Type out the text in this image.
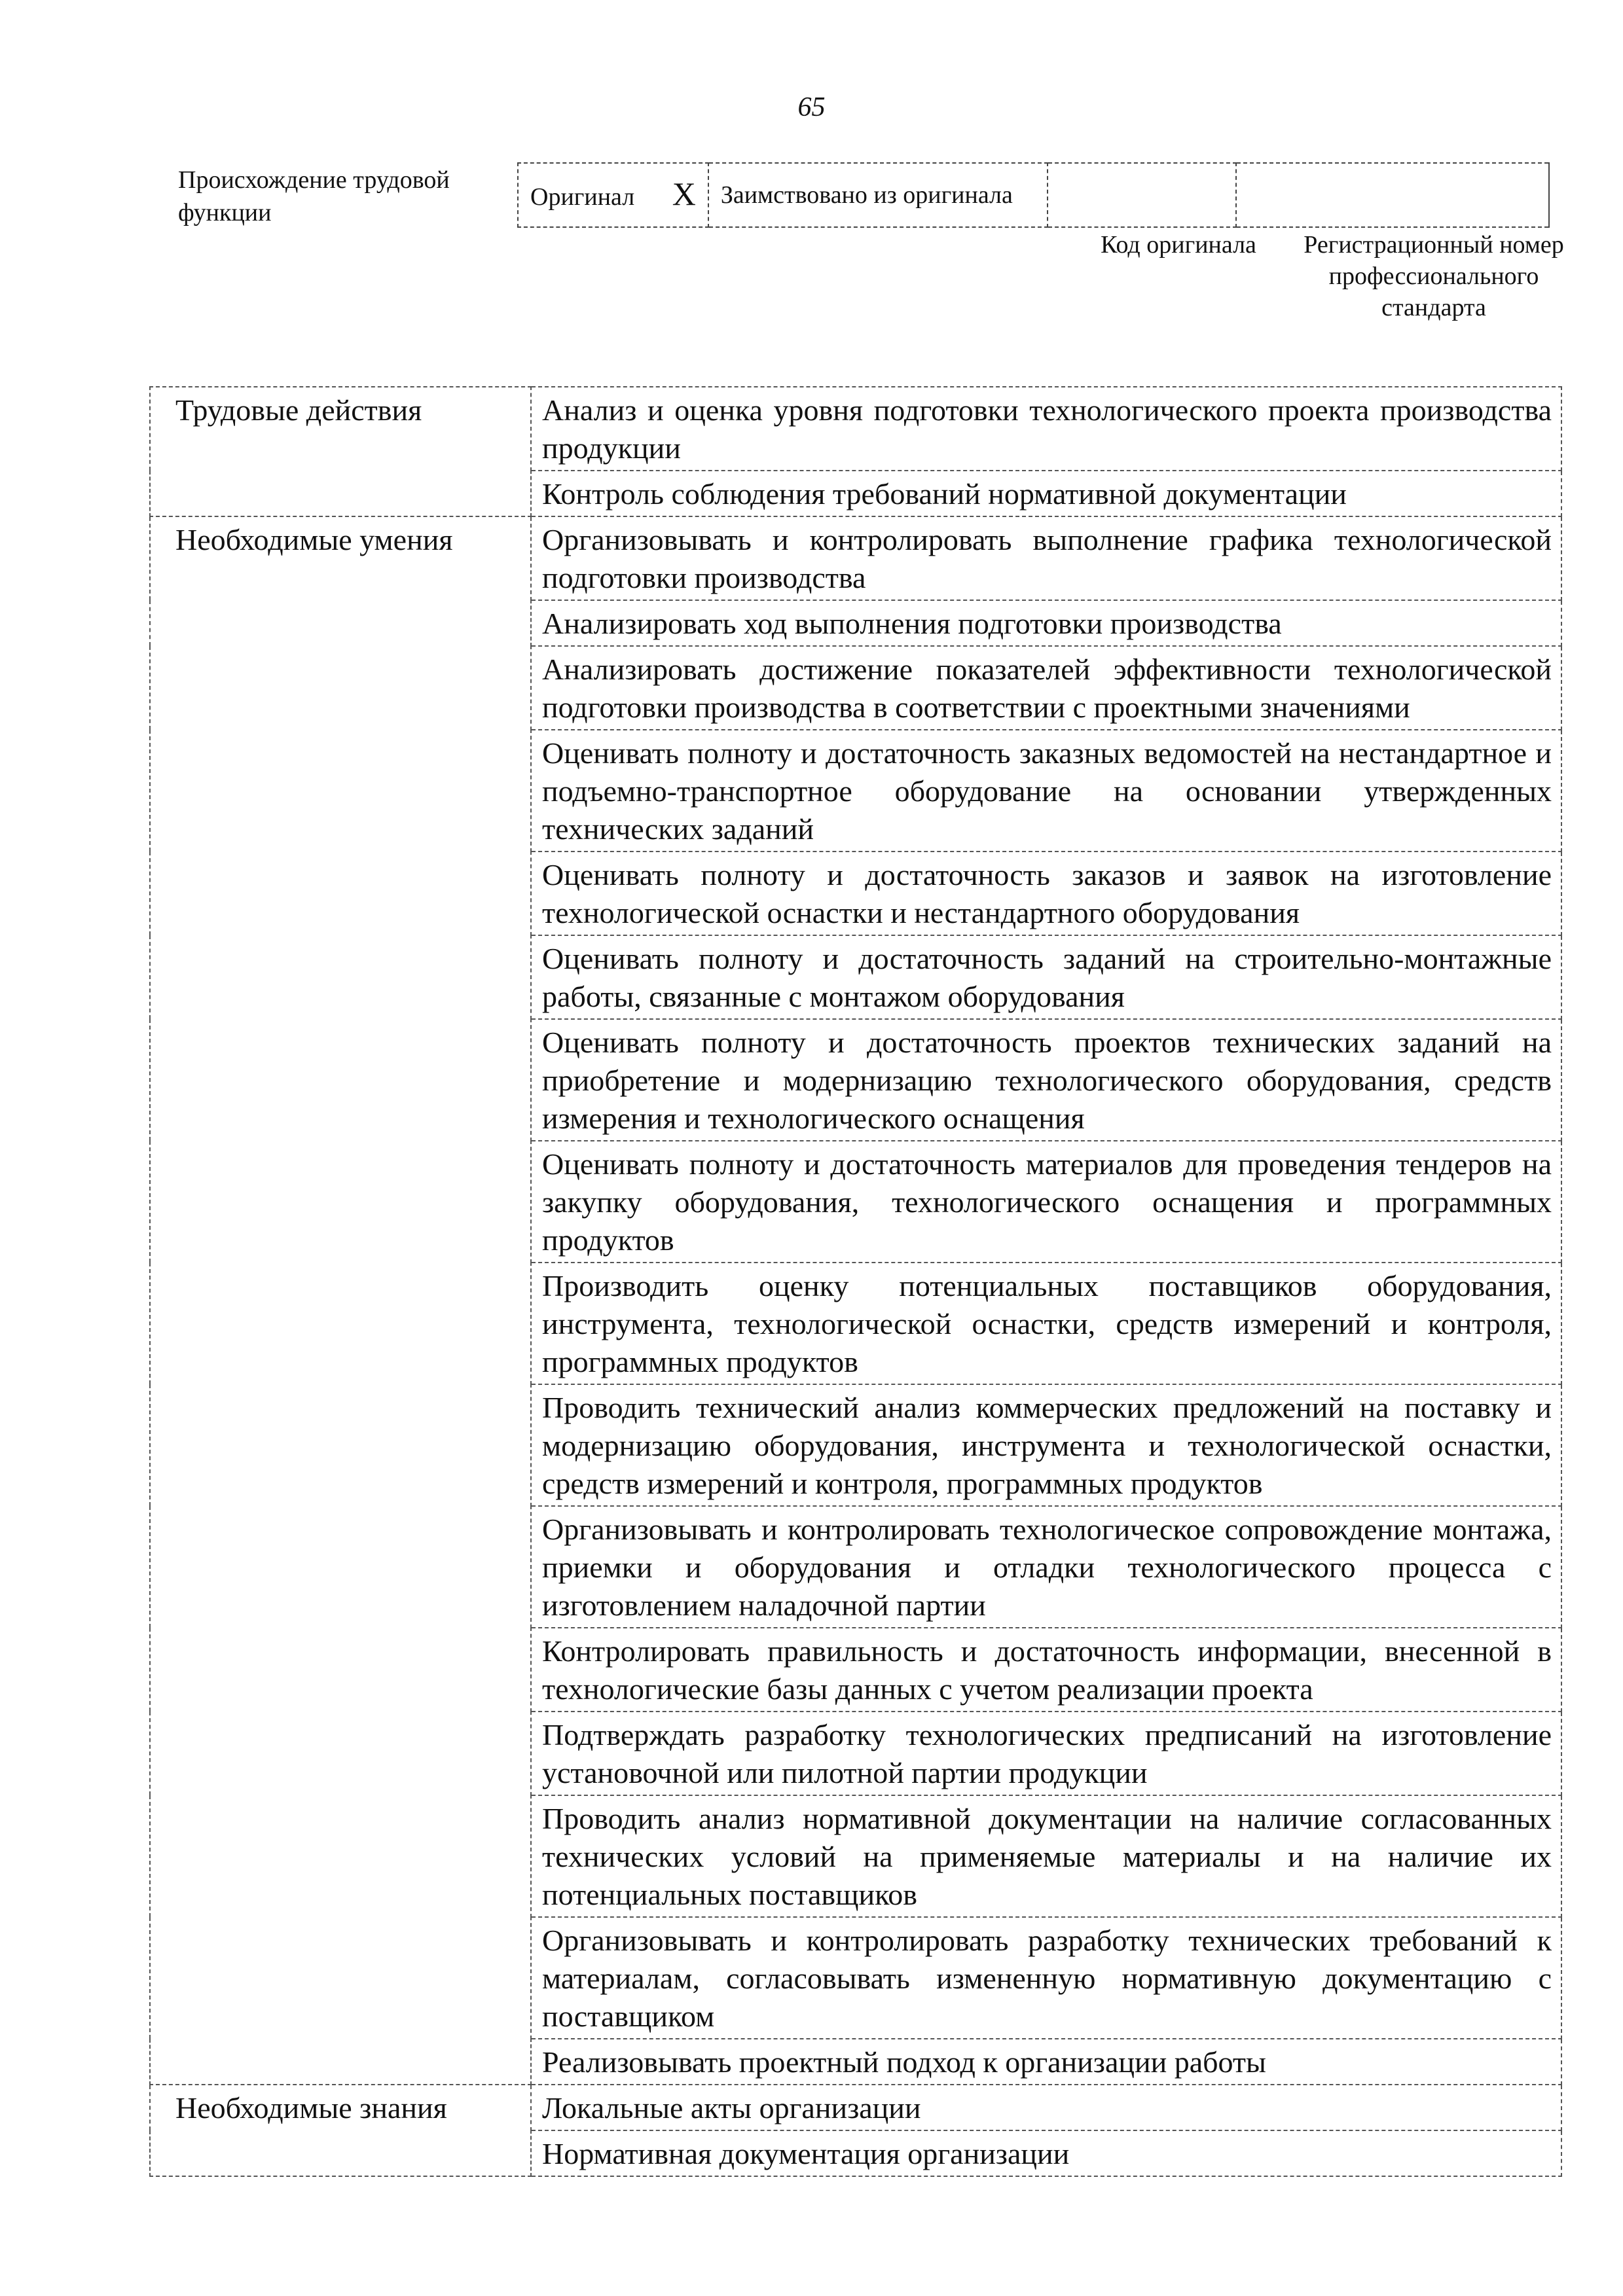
65
Происхождение трудовой функции
Оригинал X	Заимствовано из оригинала		
Код оригинала	Регистрационный номер профессионального стандарта
Трудовые действия	Анализ и оценка уровня подготовки технологического проекта производства продукции
	Контроль соблюдения требований нормативной документации

Необходимые умения	Организовывать и контролировать выполнение графика технологической подготовки производства
	Анализировать ход выполнения подготовки производства
	Анализировать достижение показателей эффективности технологической подготовки производства в соответствии с проектными значениями
	Оценивать полноту и достаточность заказных ведомостей на нестандартное и подъемно-транспортное оборудование на основании утвержденных технических заданий
	Оценивать полноту и достаточность заказов и заявок на изготовление технологической оснастки и нестандартного оборудования
	Оценивать полноту и достаточность заданий на строительно-монтажные работы, связанные с монтажом оборудования
	Оценивать полноту и достаточность проектов технических заданий на приобретение и модернизацию технологического оборудования, средств измерения и технологического оснащения
	Оценивать полноту и достаточность материалов для проведения тендеров на закупку оборудования, технологического оснащения и программных продуктов
	Производить оценку потенциальных поставщиков оборудования, инструмента, технологической оснастки, средств измерений и контроля, программных продуктов
	Проводить технический анализ коммерческих предложений на поставку и модернизацию оборудования, инструмента и технологической оснастки, средств измерений и контроля, программных продуктов
	Организовывать и контролировать технологическое сопровождение монтажа, приемки и оборудования и отладки технологического процесса с изготовлением наладочной партии
	Контролировать правильность и достаточность информации, внесенной в технологические базы данных с учетом реализации проекта
	Подтверждать разработку технологических предписаний на изготовление установочной или пилотной партии продукции
	Проводить анализ нормативной документации на наличие согласованных технических условий на применяемые материалы и на наличие их потенциальных поставщиков
	Организовывать и контролировать разработку технических требований к материалам, согласовывать измененную нормативную документацию с поставщиком
	Реализовывать проектный подход к организации работы

Необходимые знания	Локальные акты организации
	Нормативная документация организации
